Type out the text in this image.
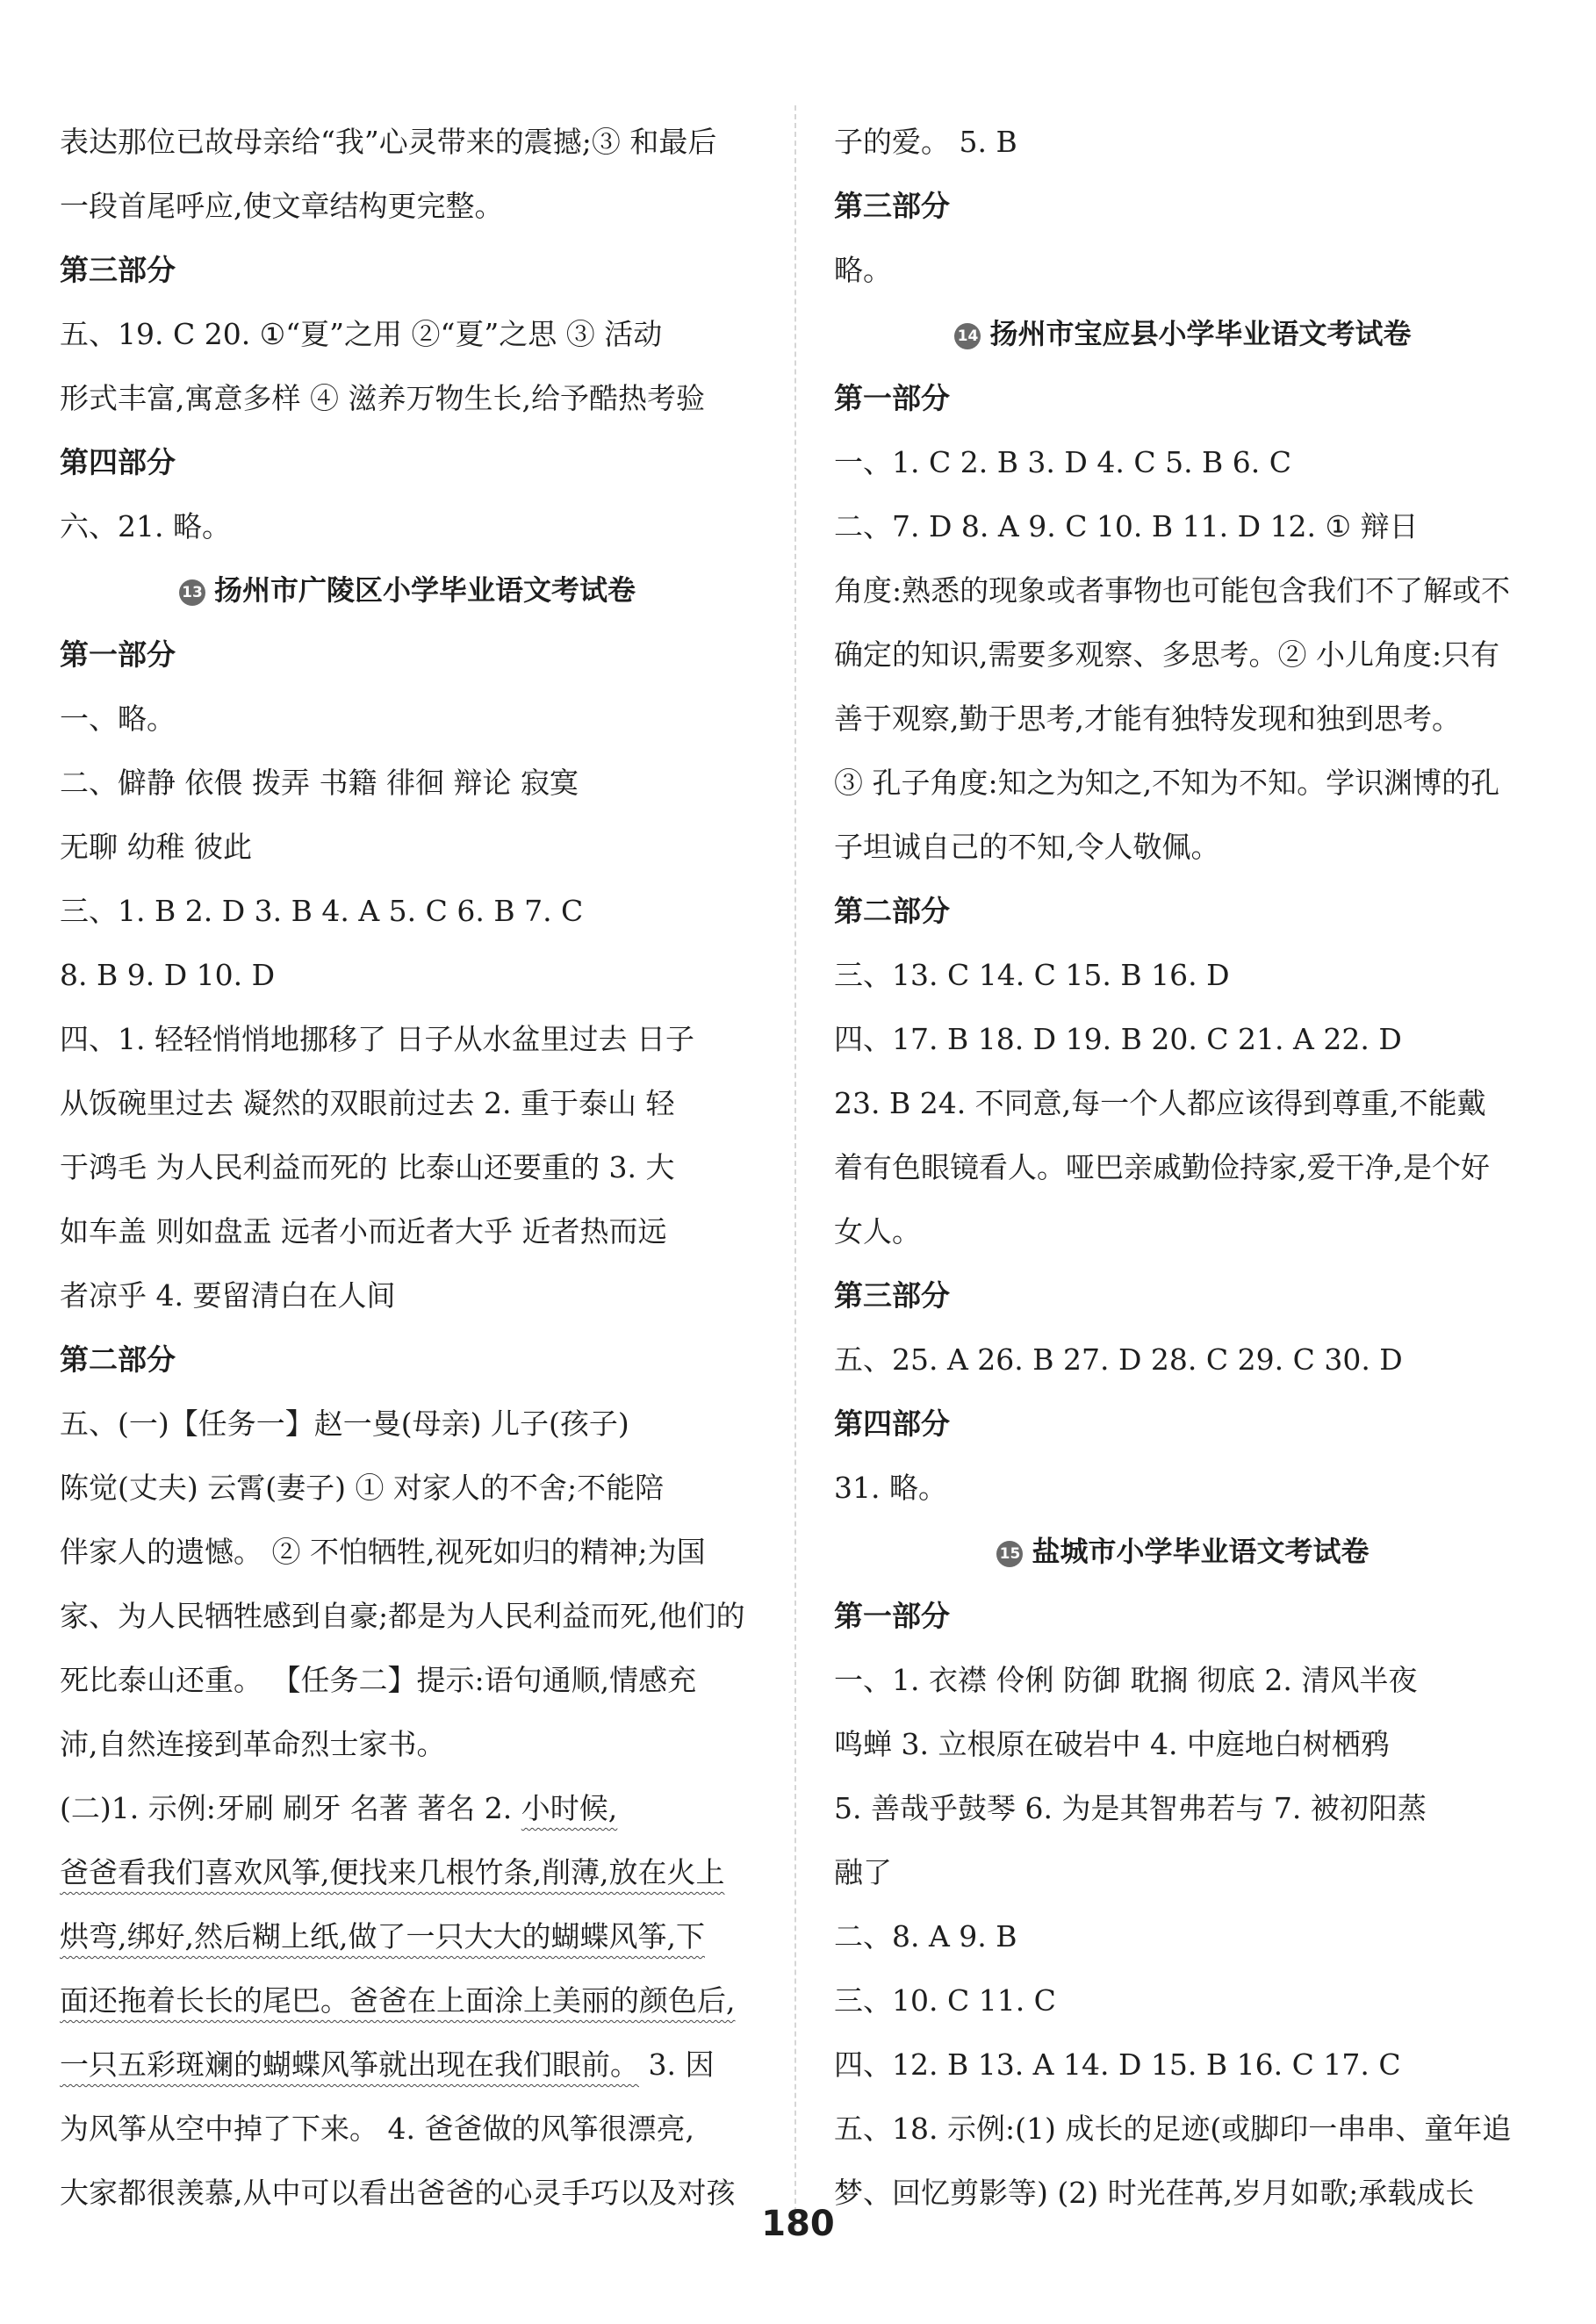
表达那位已故母亲给“我”心灵带来的震撼;③ 和最后
一段首尾呼应,使文章结构更完整。
第三部分
五、19. C 20. ①“夏”之用 ②“夏”之思 ③ 活动
形式丰富,寓意多样 ④ 滋养万物生长,给予酷热考验
第四部分
六、21. 略。
13 扬州市广陵区小学毕业语文考试卷
第一部分
一、略。
二、僻静 依偎 拨弄 书籍 徘徊 辩论 寂寞
无聊 幼稚 彼此
三、1. B 2. D 3. B 4. A 5. C 6. B 7. C
8. B 9. D 10. D
四、1. 轻轻悄悄地挪移了 日子从水盆里过去 日子
从饭碗里过去 凝然的双眼前过去 2. 重于泰山 轻
于鸿毛 为人民利益而死的 比泰山还要重的 3. 大
如车盖 则如盘盂 远者小而近者大乎 近者热而远
者凉乎 4. 要留清白在人间
第二部分
五、(一)【任务一】赵一曼(母亲) 儿子(孩子)
陈觉(丈夫) 云霄(妻子) ① 对家人的不舍;不能陪
伴家人的遗憾。 ② 不怕牺牲,视死如归的精神;为国
家、为人民牺牲感到自豪;都是为人民利益而死,他们的
死比泰山还重。 【任务二】提示:语句通顺,情感充
沛,自然连接到革命烈士家书。
(二)1. 示例:牙刷 刷牙 名著 著名 2. 小时候,
爸爸看我们喜欢风筝,便找来几根竹条,削薄,放在火上
烘弯,绑好,然后糊上纸,做了一只大大的蝴蝶风筝,下
面还拖着长长的尾巴。爸爸在上面涂上美丽的颜色后,
一只五彩斑斓的蝴蝶风筝就出现在我们眼前。 3. 因
为风筝从空中掉了下来。 4. 爸爸做的风筝很漂亮,
大家都很羡慕,从中可以看出爸爸的心灵手巧以及对孩
子的爱。 5. B
第三部分
略。
14 扬州市宝应县小学毕业语文考试卷
第一部分
一、1. C 2. B 3. D 4. C 5. B 6. C
二、7. D 8. A 9. C 10. B 11. D 12. ① 辩日
角度:熟悉的现象或者事物也可能包含我们不了解或不
确定的知识,需要多观察、多思考。② 小儿角度:只有
善于观察,勤于思考,才能有独特发现和独到思考。
③ 孔子角度:知之为知之,不知为不知。学识渊博的孔
子坦诚自己的不知,令人敬佩。
第二部分
三、13. C 14. C 15. B 16. D
四、17. B 18. D 19. B 20. C 21. A 22. D
23. B 24. 不同意,每一个人都应该得到尊重,不能戴
着有色眼镜看人。哑巴亲戚勤俭持家,爱干净,是个好
女人。
第三部分
五、25. A 26. B 27. D 28. C 29. C 30. D
第四部分
31. 略。
15 盐城市小学毕业语文考试卷
第一部分
一、1. 衣襟 伶俐 防御 耽搁 彻底 2. 清风半夜
鸣蝉 3. 立根原在破岩中 4. 中庭地白树栖鸦
5. 善哉乎鼓琴 6. 为是其智弗若与 7. 被初阳蒸
融了
二、8. A 9. B
三、10. C 11. C
四、12. B 13. A 14. D 15. B 16. C 17. C
五、18. 示例:(1) 成长的足迹(或脚印一串串、童年追
梦、回忆剪影等) (2) 时光荏苒,岁月如歌;承载成长
180
